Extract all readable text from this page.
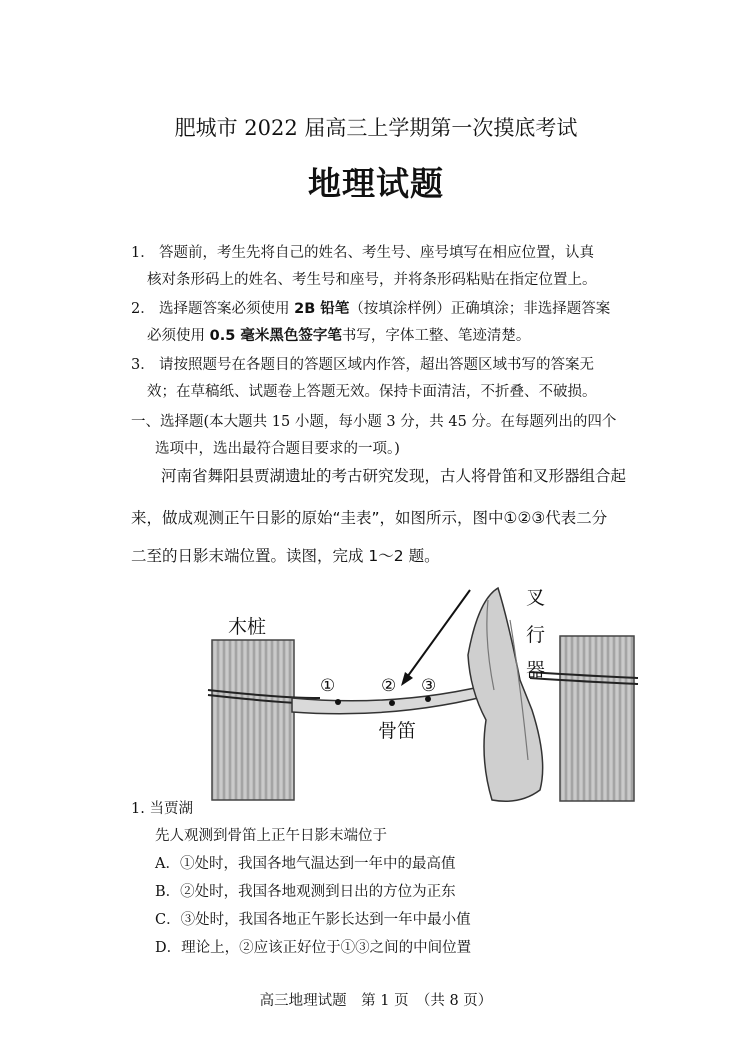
肥城市 2022 届高三上学期第一次摸底考试
地理试题
1． 答题前，考生先将自己的姓名、考生号、座号填写在相应位置，认真
核对条形码上的姓名、考生号和座号，并将条形码粘贴在指定位置上。
2． 选择题答案必须使用 2B 铅笔（按填涂样例）正确填涂；非选择题答案
必须使用 0.5 毫米黑色签字笔书写，字体工整、笔迹清楚。
3． 请按照题号在各题目的答题区域内作答，超出答题区域书写的答案无
效；在草稿纸、试题卷上答题无效。保持卡面清洁，不折叠、不破损。
一、选择题(本大题共 15 小题，每小题 3 分，共 45 分。在每题列出的四个
选项中，选出最符合题目要求的一项。)
河南省舞阳县贾湖遗址的考古研究发现，古人将骨笛和叉形器组合起
来，做成观测正午日影的原始“圭表”，如图所示，图中①②③代表二分
二至的日影末端位置。读图，完成 1～2 题。
木桩
叉
行
器
骨笛
①	② ③
1. 当贾湖
先人观测到骨笛上正午日影末端位于
A．①处时，我国各地气温达到一年中的最高值
B．②处时，我国各地观测到日出的方位为正东
C．③处时，我国各地正午影长达到一年中最小值
D．理论上，②应该正好位于①③之间的中间位置
高三地理试题　第 1 页　（共 8 页）
